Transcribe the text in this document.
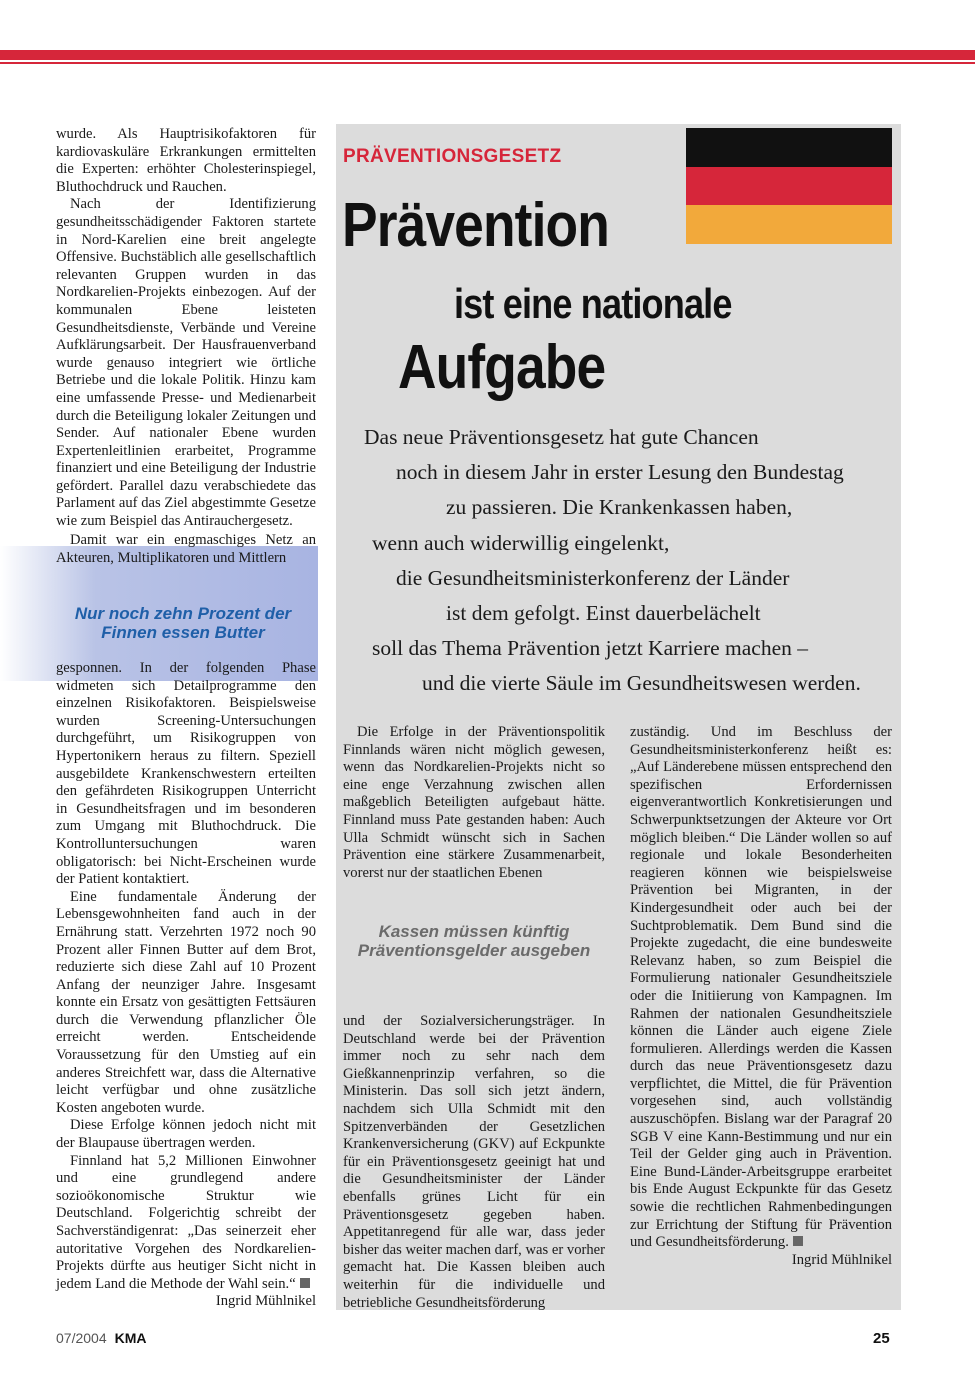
wurde. Als Hauptrisikofaktoren für kardiovaskuläre Erkrankungen ermittelten die Experten: erhöhter Cholesterinspiegel, Bluthochdruck und Rauchen.

Nach der Identifizierung gesundheitsschädigender Faktoren startete in Nord-Karelien eine breit angelegte Offensive. Buchstäblich alle gesellschaftlich relevanten Gruppen wurden in das Nordkarelien-Projekts einbezogen. Auf der kommunalen Ebene leisteten Gesundheitsdienste, Verbände und Vereine Aufklärungsarbeit. Der Hausfrauenverband wurde genauso integriert wie örtliche Betriebe und die lokale Politik. Hinzu kam eine umfassende Presse- und Medienarbeit durch die Beteiligung lokaler Zeitungen und Sender. Auf nationaler Ebene wurden Expertenleitlinien erarbeitet, Programme finanziert und eine Beteiligung der Industrie gefördert. Parallel dazu verabschiedete das Parlament auf das Ziel abgestimmte Gesetze wie zum Beispiel das Antirauchergesetz.

Damit war ein engmaschiges Netz an Akteuren, Multiplikatoren und Mittlern

Nur noch zehn Prozent der Finnen essen Butter

gesponnen. In der folgenden Phase widmeten sich Detailprogramme den einzelnen Risikofaktoren. Beispielsweise wurden Screening-Untersuchungen durchgeführt, um Risikogruppen von Hypertonikern heraus zu filtern. Speziell ausgebildete Krankenschwestern erteilten den gefährdeten Risikogruppen Unterricht in Gesundheitsfragen und im besonderen zum Umgang mit Bluthochdruck. Die Kontrolluntersuchungen waren obligatorisch: bei Nicht-Erscheinen wurde der Patient kontaktiert.

Eine fundamentale Änderung der Lebensgewohnheiten fand auch in der Ernährung statt. Verzehrten 1972 noch 90 Prozent aller Finnen Butter auf dem Brot, reduzierte sich diese Zahl auf 10 Prozent Anfang der neunziger Jahre. Insgesamt konnte ein Ersatz von gesättigten Fettsäuren durch die Verwendung pflanzlicher Öle erreicht werden. Entscheidende Voraussetzung für den Umstieg auf ein anderes Streichfett war, dass die Alternative leicht verfügbar und ohne zusätzliche Kosten angeboten wurde.

Diese Erfolge können jedoch nicht mit der Blaupause übertragen werden.

Finnland hat 5,2 Millionen Einwohner und eine grundlegend andere sozioökonomische Struktur wie Deutschland. Folgerichtig schreibt der Sachverständigenrat: „Das seinerzeit eher autoritative Vorgehen des Nordkarelien-Projekts dürfte aus heutiger Sicht nicht in jedem Land die Methode der Wahl sein.“

Ingrid Mühlnikel

PRÄVENTIONSGESETZ
Prävention
ist eine nationale
Aufgabe
Das neue Präventionsgesetz hat gute Chancen
noch in diesem Jahr in erster Lesung den Bundestag
zu passieren. Die Krankenkassen haben,
wenn auch widerwillig eingelenkt,
die Gesundheitsministerkonferenz der Länder
ist dem gefolgt. Einst dauerbelächelt
soll das Thema Prävention jetzt Karriere machen –
und die vierte Säule im Gesundheitswesen werden.

Die Erfolge in der Präventionspolitik Finnlands wären nicht möglich gewesen, wenn das Nordkarelien-Projekts nicht so eine enge Verzahnung zwischen allen maßgeblich Beteiligten aufgebaut hätte. Finnland muss Pate gestanden haben: Auch Ulla Schmidt wünscht sich in Sachen Prävention eine stärkere Zusammenarbeit, vorerst nur der staatlichen Ebenen

Kassen müssen künftig Präventionsgelder ausgeben

und der Sozialversicherungsträger. In Deutschland werde bei der Prävention immer noch zu sehr nach dem Gießkannenprinzip verfahren, so die Ministerin. Das soll sich jetzt ändern, nachdem sich Ulla Schmidt mit den Spitzenverbänden der Gesetzlichen Krankenversicherung (GKV) auf Eckpunkte für ein Präventionsgesetz geeinigt hat und die Gesundheitsminister der Länder ebenfalls grünes Licht für ein Präventionsgesetz gegeben haben. Appetitanregend für alle war, dass jeder bisher das weiter machen darf, was er vorher gemacht hat. Die Kassen bleiben auch weiterhin für die individuelle und betriebliche Gesundheitsförderung

zuständig. Und im Beschluss der Gesundheitsministerkonferenz heißt es: „Auf Länderebene müssen entsprechend den spezifischen Erfordernissen eigenverantwortlich Konkretisierungen und Schwerpunktsetzungen der Akteure vor Ort möglich bleiben.“ Die Länder wollen so auf regionale und lokale Besonderheiten reagieren können wie beispielsweise Prävention bei Migranten, in der Kindergesundheit oder auch bei der Suchtproblematik. Dem Bund sind die Projekte zugedacht, die eine bundesweite Relevanz haben, so zum Beispiel die Formulierung nationaler Gesundheitsziele oder die Initiierung von Kampagnen. Im Rahmen der nationalen Gesundheitsziele können die Länder auch eigene Ziele formulieren. Allerdings werden die Kassen durch das neue Präventionsgesetz dazu verpflichtet, die Mittel, die für Prävention vorgesehen sind, auch vollständig auszuschöpfen. Bislang war der Paragraf 20 SGB V eine Kann-Bestimmung und nur ein Teil der Gelder ging auch in Prävention. Eine Bund-Länder-Arbeitsgruppe erarbeitet bis Ende August Eckpunkte für das Gesetz sowie die rechtlichen Rahmenbedingungen zur Errichtung der Stiftung für Prävention und Gesundheitsförderung.

Ingrid Mühlnikel

07/2004 KMA	25
